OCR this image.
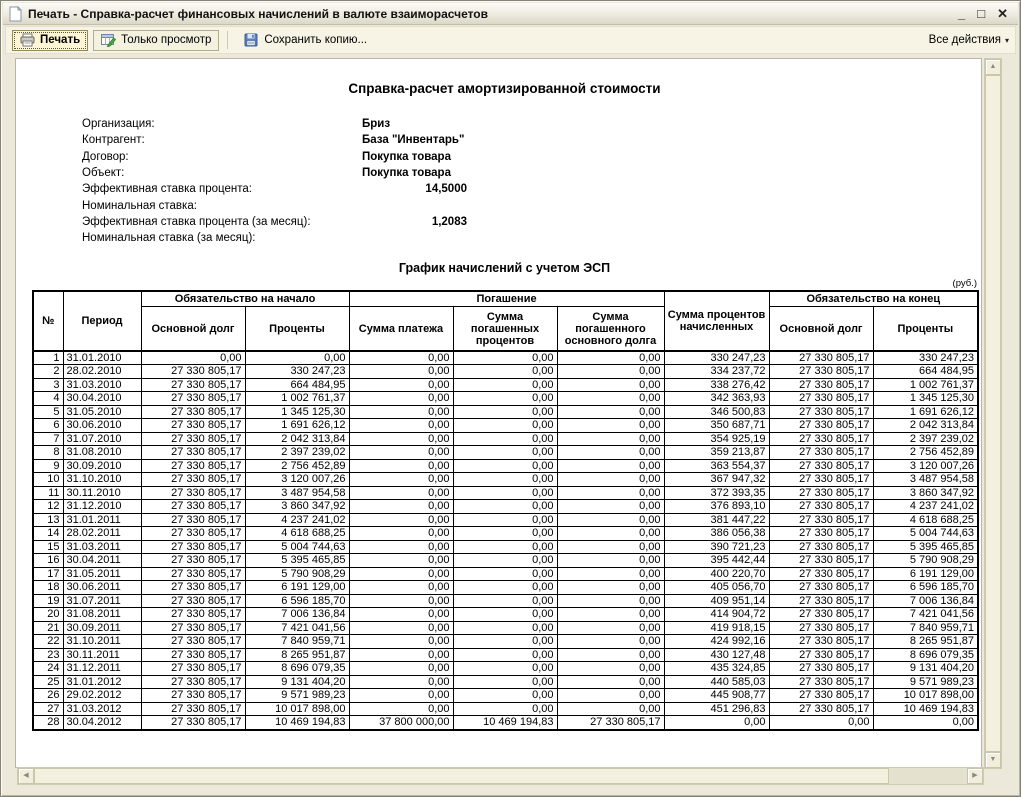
Печать - Справка-расчет финансовых начислений в валюте взаиморасчетов	_ □ ✕
Печать	Только просмотр	Сохранить копию...	Все действия ▾
Справка-расчет амортизированной стоимости
Организация:	Бриз
Контрагент:	База "Инвентарь"
Договор:	Покупка товара
Объект:	Покупка товара
Эффективная ставка процента:	14,5000
Номинальная ставка:
Эффективная ставка процента (за месяц):	1,2083
Номинальная ставка (за месяц):
График начислений с учетом ЭСП
(руб.)
№	Период	Обязательство на начало		Погашение			Сумма процентов начисленных	Обязательство на конец	
		Основной долг	Проценты	Сумма платежа	Сумма погашенных процентов	Сумма погашенного основного долга		Основной долг	Проценты
1	31.01.2010	0,00	0,00	0,00	0,00	0,00	330 247,23	27 330 805,17	330 247,23
2	28.02.2010	27 330 805,17	330 247,23	0,00	0,00	0,00	334 237,72	27 330 805,17	664 484,95
3	31.03.2010	27 330 805,17	664 484,95	0,00	0,00	0,00	338 276,42	27 330 805,17	1 002 761,37
4	30.04.2010	27 330 805,17	1 002 761,37	0,00	0,00	0,00	342 363,93	27 330 805,17	1 345 125,30
5	31.05.2010	27 330 805,17	1 345 125,30	0,00	0,00	0,00	346 500,83	27 330 805,17	1 691 626,12
6	30.06.2010	27 330 805,17	1 691 626,12	0,00	0,00	0,00	350 687,71	27 330 805,17	2 042 313,84
7	31.07.2010	27 330 805,17	2 042 313,84	0,00	0,00	0,00	354 925,19	27 330 805,17	2 397 239,02
8	31.08.2010	27 330 805,17	2 397 239,02	0,00	0,00	0,00	359 213,87	27 330 805,17	2 756 452,89
9	30.09.2010	27 330 805,17	2 756 452,89	0,00	0,00	0,00	363 554,37	27 330 805,17	3 120 007,26
10	31.10.2010	27 330 805,17	3 120 007,26	0,00	0,00	0,00	367 947,32	27 330 805,17	3 487 954,58
11	30.11.2010	27 330 805,17	3 487 954,58	0,00	0,00	0,00	372 393,35	27 330 805,17	3 860 347,92
12	31.12.2010	27 330 805,17	3 860 347,92	0,00	0,00	0,00	376 893,10	27 330 805,17	4 237 241,02
13	31.01.2011	27 330 805,17	4 237 241,02	0,00	0,00	0,00	381 447,22	27 330 805,17	4 618 688,25
14	28.02.2011	27 330 805,17	4 618 688,25	0,00	0,00	0,00	386 056,38	27 330 805,17	5 004 744,63
15	31.03.2011	27 330 805,17	5 004 744,63	0,00	0,00	0,00	390 721,23	27 330 805,17	5 395 465,85
16	30.04.2011	27 330 805,17	5 395 465,85	0,00	0,00	0,00	395 442,44	27 330 805,17	5 790 908,29
17	31.05.2011	27 330 805,17	5 790 908,29	0,00	0,00	0,00	400 220,70	27 330 805,17	6 191 129,00
18	30.06.2011	27 330 805,17	6 191 129,00	0,00	0,00	0,00	405 056,70	27 330 805,17	6 596 185,70
19	31.07.2011	27 330 805,17	6 596 185,70	0,00	0,00	0,00	409 951,14	27 330 805,17	7 006 136,84
20	31.08.2011	27 330 805,17	7 006 136,84	0,00	0,00	0,00	414 904,72	27 330 805,17	7 421 041,56
21	30.09.2011	27 330 805,17	7 421 041,56	0,00	0,00	0,00	419 918,15	27 330 805,17	7 840 959,71
22	31.10.2011	27 330 805,17	7 840 959,71	0,00	0,00	0,00	424 992,16	27 330 805,17	8 265 951,87
23	30.11.2011	27 330 805,17	8 265 951,87	0,00	0,00	0,00	430 127,48	27 330 805,17	8 696 079,35
24	31.12.2011	27 330 805,17	8 696 079,35	0,00	0,00	0,00	435 324,85	27 330 805,17	9 131 404,20
25	31.01.2012	27 330 805,17	9 131 404,20	0,00	0,00	0,00	440 585,03	27 330 805,17	9 571 989,23
26	29.02.2012	27 330 805,17	9 571 989,23	0,00	0,00	0,00	445 908,77	27 330 805,17	10 017 898,00
27	31.03.2012	27 330 805,17	10 017 898,00	0,00	0,00	0,00	451 296,83	27 330 805,17	10 469 194,83
28	30.04.2012	27 330 805,17	10 469 194,83	37 800 000,00	10 469 194,83	27 330 805,17	0,00	0,00	0,00
▲
▼
◀	▶
